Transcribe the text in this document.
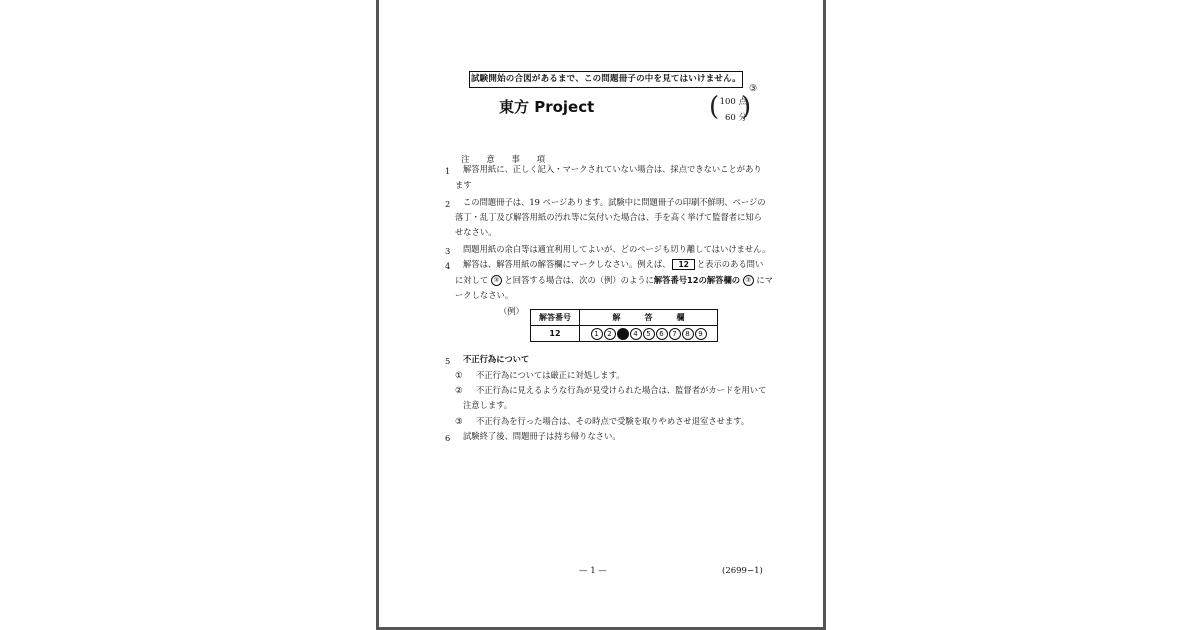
試験開始の合図があるまで、この問題冊子の中を見てはいけません。
東方 Project	( 100 点
60 分
)
③
注 意 事 項
1 解答用紙に、正しく記入・マークされていない場合は、採点できないことがあり
ます
2 この問題冊子は、19 ページあります。試験中に問題冊子の印刷不鮮明、ページの
落丁・乱丁及び解答用紙の汚れ等に気付いた場合は、手を高く挙げて監督者に知ら
せなさい。
3 問題用紙の余白等は適宜利用してよいが、どのページも切り離してはいけません。
4 解答は、解答用紙の解答欄にマークしなさい。例えば、 12 と表示のある問い
に対して ③ と回答する場合は、次の（例）のように解答番号12の解答欄の ③ にマ
ークしなさい。
（例）
解答番号	解　　　答　　　欄
12	1 2 3 4 5 6 7 8 9
5 不正行為について
① 不正行為については厳正に対処します。
② 不正行為に見えるような行為が見受けられた場合は、監督者がカードを用いて
注意します。
③ 不正行為を行った場合は、その時点で受験を取りやめさせ退室させます。
6 試験終了後、問題冊子は持ち帰りなさい。
— 1 —	(2699−1)
